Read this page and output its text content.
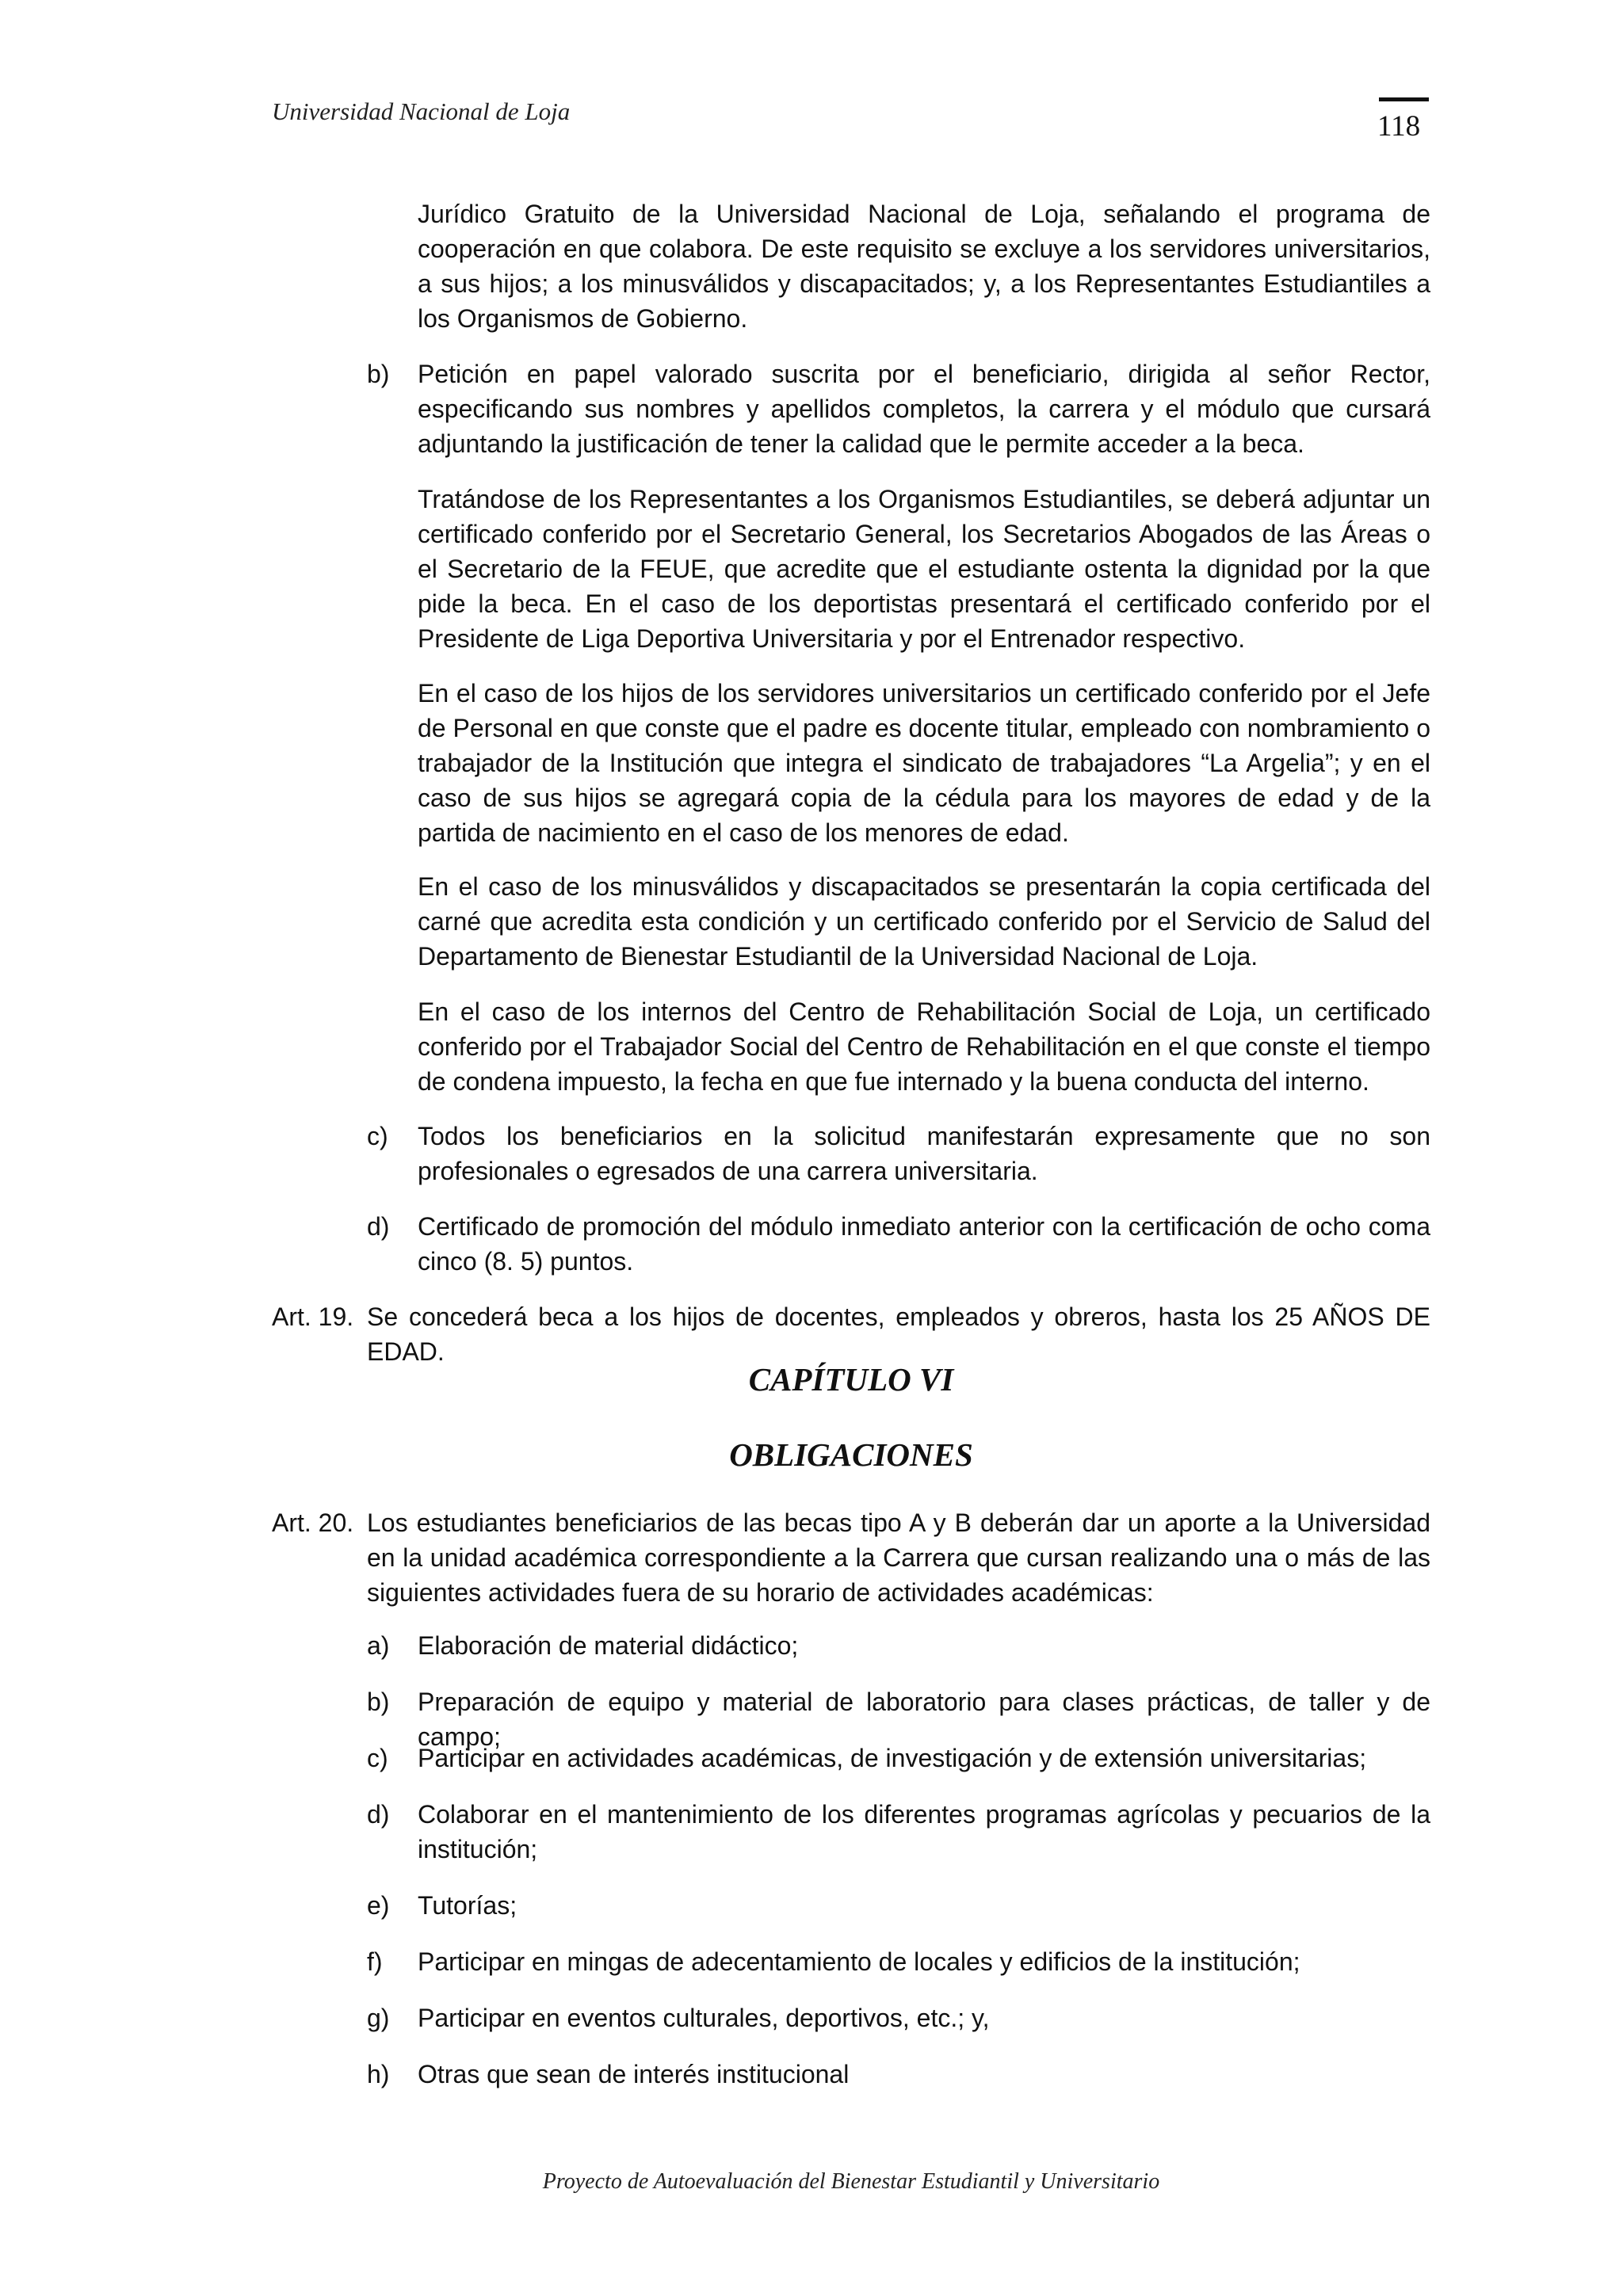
Universidad Nacional de Loja	118

Jurídico Gratuito de la Universidad Nacional de Loja, señalando el programa de cooperación en que colabora. De este requisito se excluye a los servidores universitarios, a sus hijos; a los minusválidos y discapacitados; y, a los Representantes Estudiantiles a los Organismos de Gobierno.

b) Petición en papel valorado suscrita por el beneficiario, dirigida al señor Rector, especificando sus nombres y apellidos completos, la carrera y el módulo que cursará adjuntando la justificación de tener la calidad que le permite acceder a la beca.

Tratándose de los Representantes a los Organismos Estudiantiles, se deberá adjuntar un certificado conferido por el Secretario General, los Secretarios Abogados de las Áreas o el Secretario de la FEUE, que acredite que el estudiante ostenta la dignidad por la que pide la beca. En el caso de los deportistas presentará el certificado conferido por el Presidente de Liga Deportiva Universitaria y por el Entrenador respectivo.

En el caso de los hijos de los servidores universitarios un certificado conferido por el Jefe de Personal en que conste que el padre es docente titular, empleado con nombramiento o trabajador de la Institución que integra el sindicato de trabajadores “La Argelia”; y en el caso de sus hijos se agregará copia de la cédula para los mayores de edad y de la partida de nacimiento en el caso de los menores de edad.

En el caso de los minusválidos y discapacitados se presentarán la copia certificada del carné que acredita esta condición y un certificado conferido por el Servicio de Salud del Departamento de Bienestar Estudiantil de la Universidad Nacional de Loja.

En el caso de los internos del Centro de Rehabilitación Social de Loja, un certificado conferido por el Trabajador Social del Centro de Rehabilitación en el que conste el tiempo de condena impuesto, la fecha en que fue internado y la buena conducta del interno.

c) Todos los beneficiarios en la solicitud manifestarán expresamente que no son profesionales o egresados de una carrera universitaria.

d) Certificado de promoción del módulo inmediato anterior con la certificación de ocho coma cinco (8. 5) puntos.

Art. 19. Se concederá beca a los hijos de docentes, empleados y obreros, hasta los 25 AÑOS DE EDAD.

CAPÍTULO VI
OBLIGACIONES
Art. 20. Los estudiantes beneficiarios de las becas tipo A y B deberán dar un aporte a la Universidad en la unidad académica correspondiente a la Carrera que cursan realizando una o más de las siguientes actividades fuera de su horario de actividades académicas:

a) Elaboración de material didáctico;

b) Preparación de equipo y material de laboratorio para clases prácticas, de taller y de campo;

c) Participar en actividades académicas, de investigación y de extensión universitarias;

d) Colaborar en el mantenimiento de los diferentes programas agrícolas y pecuarios de la institución;

e) Tutorías;

f) Participar en mingas de adecentamiento de locales y edificios de la institución;

g) Participar en eventos culturales, deportivos, etc.; y,

h) Otras que sean de interés institucional

Proyecto de Autoevaluación del Bienestar Estudiantil y Universitario
